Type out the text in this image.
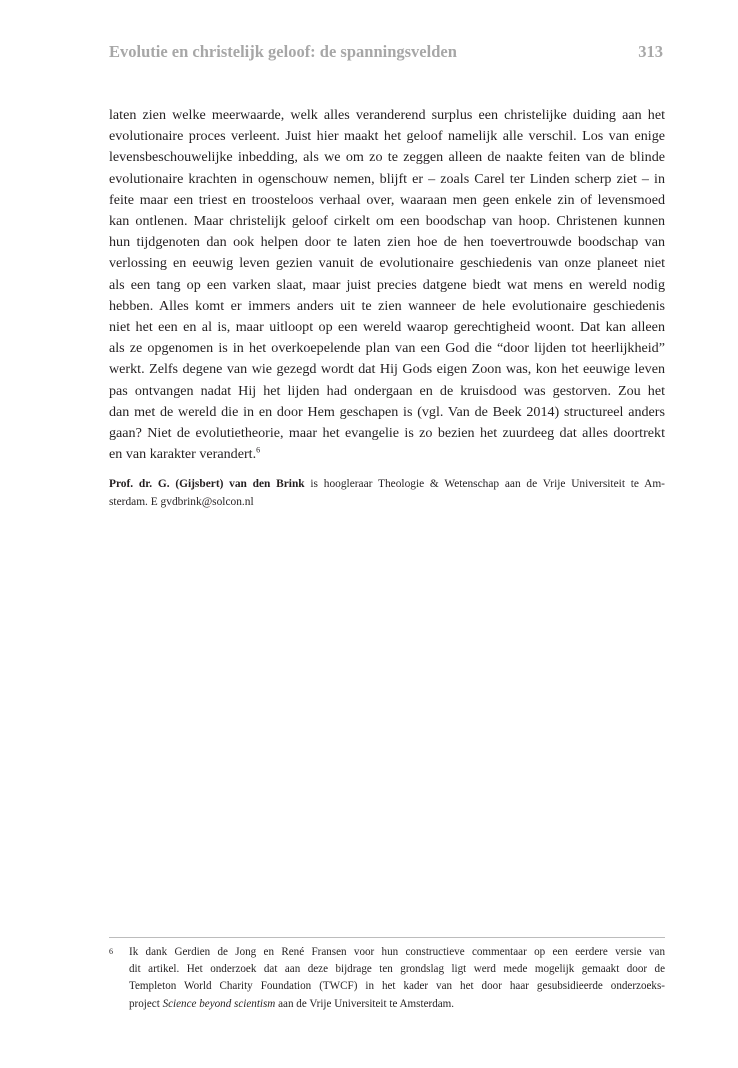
Evolutie en christelijk geloof: de spanningsvelden	313
laten zien welke meerwaarde, welk alles veranderend surplus een christelijke duiding aan het
evolutionaire proces verleent. Juist hier maakt het geloof namelijk alle verschil. Los van enige
levensbeschouwelijke inbedding, als we om zo te zeggen alleen de naakte feiten van de blinde
evolutionaire krachten in ogenschouw nemen, blijft er – zoals Carel ter Linden scherp ziet – in
feite maar een triest en troosteloos verhaal over, waaraan men geen enkele zin of levensmoed
kan ontlenen. Maar christelijk geloof cirkelt om een boodschap van hoop. Christenen kunnen
hun tijdgenoten dan ook helpen door te laten zien hoe de hen toevertrouwde boodschap van
verlossing en eeuwig leven gezien vanuit de evolutionaire geschiedenis van onze planeet niet
als een tang op een varken slaat, maar juist precies datgene biedt wat mens en wereld nodig
hebben. Alles komt er immers anders uit te zien wanneer de hele evolutionaire geschiedenis
niet het een en al is, maar uitloopt op een wereld waarop gerechtigheid woont. Dat kan alleen
als ze opgenomen is in het overkoepelende plan van een God die “door lijden tot heerlijkheid”
werkt. Zelfs degene van wie gezegd wordt dat Hij Gods eigen Zoon was, kon het eeuwige leven
pas ontvangen nadat Hij het lijden had ondergaan en de kruisdood was gestorven. Zou het
dan met de wereld die in en door Hem geschapen is (vgl. Van de Beek 2014) structureel anders
gaan? Niet de evolutietheorie, maar het evangelie is zo bezien het zuurdeeg dat alles doortrekt
en van karakter verandert.$^6$
Prof. dr. G. (Gijsbert) van den Brink is hoogleraar Theologie & Wetenschap aan de Vrije Universiteit te Am-
sterdam. E gvdbrink@solcon.nl
6 Ik dank Gerdien de Jong en René Fransen voor hun constructieve commentaar op een eerdere versie van
dit artikel. Het onderzoek dat aan deze bijdrage ten grondslag ligt werd mede mogelijk gemaakt door de
Templeton World Charity Foundation (TWCF) in het kader van het door haar gesubsidieerde onderzoeks-
project Science beyond scientism aan de Vrije Universiteit te Amsterdam.
